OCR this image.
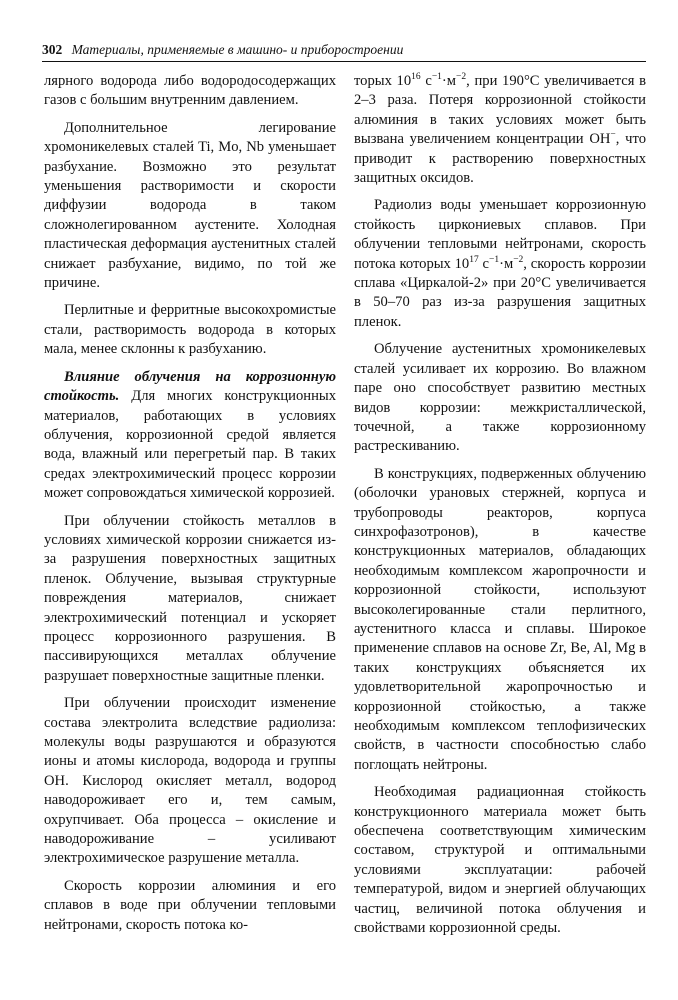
302 Материалы, применяемые в машино- и приборостроении

лярного водорода либо водородосодержащих газов с большим внутренним давлением.

Дополнительное легирование хромоникелевых сталей Ti, Mo, Nb уменьшает разбухание. Возможно это результат уменьшения растворимости и скорости диффузии водорода в таком сложнолегированном аустените. Холодная пластическая деформация аустенитных сталей снижает разбухание, видимо, по той же причине.

Перлитные и ферритные высокохромистые стали, растворимость водорода в которых мала, менее склонны к разбуханию.

Влияние облучения на коррозионную стойкость. Для многих конструкционных материалов, работающих в условиях облучения, коррозионной средой является вода, влажный или перегретый пар. В таких средах электрохимический процесс коррозии может сопровождаться химической коррозией.

При облучении стойкость металлов в условиях химической коррозии снижается из-за разрушения поверхностных защитных пленок. Облучение, вызывая структурные повреждения материалов, снижает электрохимический потенциал и ускоряет процесс коррозионного разрушения. В пассивирующихся металлах облучение разрушает поверхностные защитные пленки.

При облучении происходит изменение состава электролита вследствие радиолиза: молекулы воды разрушаются и образуются ионы и атомы кислорода, водорода и группы OH. Кислород окисляет металл, водород наводороживает его и, тем самым, охрупчивает. Оба процесса – окисление и наводороживание – усиливают электрохимическое разрушение металла.

Скорость коррозии алюминия и его сплавов в воде при облучении тепловыми нейтронами, скорость потока ко-

торых $10^{16}$ $с^{-1}\cdot м^{-2}$, при 190°C увеличивается в 2–3 раза. Потеря коррозионной стойкости алюминия в таких условиях может быть вызвана увеличением концентрации OH−, что приводит к растворению поверхностных защитных оксидов.

Радиолиз воды уменьшает коррозионную стойкость циркониевых сплавов. При облучении тепловыми нейтронами, скорость потока которых $10^{17}$ $с^{-1}\cdot м^{-2}$, скорость коррозии сплава «Циркалой-2» при 20°C увеличивается в 50–70 раз из-за разрушения защитных пленок.

Облучение аустенитных хромоникелевых сталей усиливает их коррозию. Во влажном паре оно способствует развитию местных видов коррозии: межкристаллической, точечной, а также коррозионному растрескиванию.

В конструкциях, подверженных облучению (оболочки урановых стержней, корпуса и трубопроводы реакторов, корпуса синхрофазотронов), в качестве конструкционных материалов, обладающих необходимым комплексом жаропрочности и коррозионной стойкости, используют высоколегированные стали перлитного, аустенитного класса и сплавы. Широкое применение сплавов на основе Zr, Be, Al, Mg в таких конструкциях объясняется их удовлетворительной жаропрочностью и коррозионной стойкостью, а также необходимым комплексом теплофизических свойств, в частности способностью слабо поглощать нейтроны.

Необходимая радиационная стойкость конструкционного материала может быть обеспечена соответствующим химическим составом, структурой и оптимальными условиями эксплуатации: рабочей температурой, видом и энергией облучающих частиц, величиной потока облучения и свойствами коррозионной среды.
